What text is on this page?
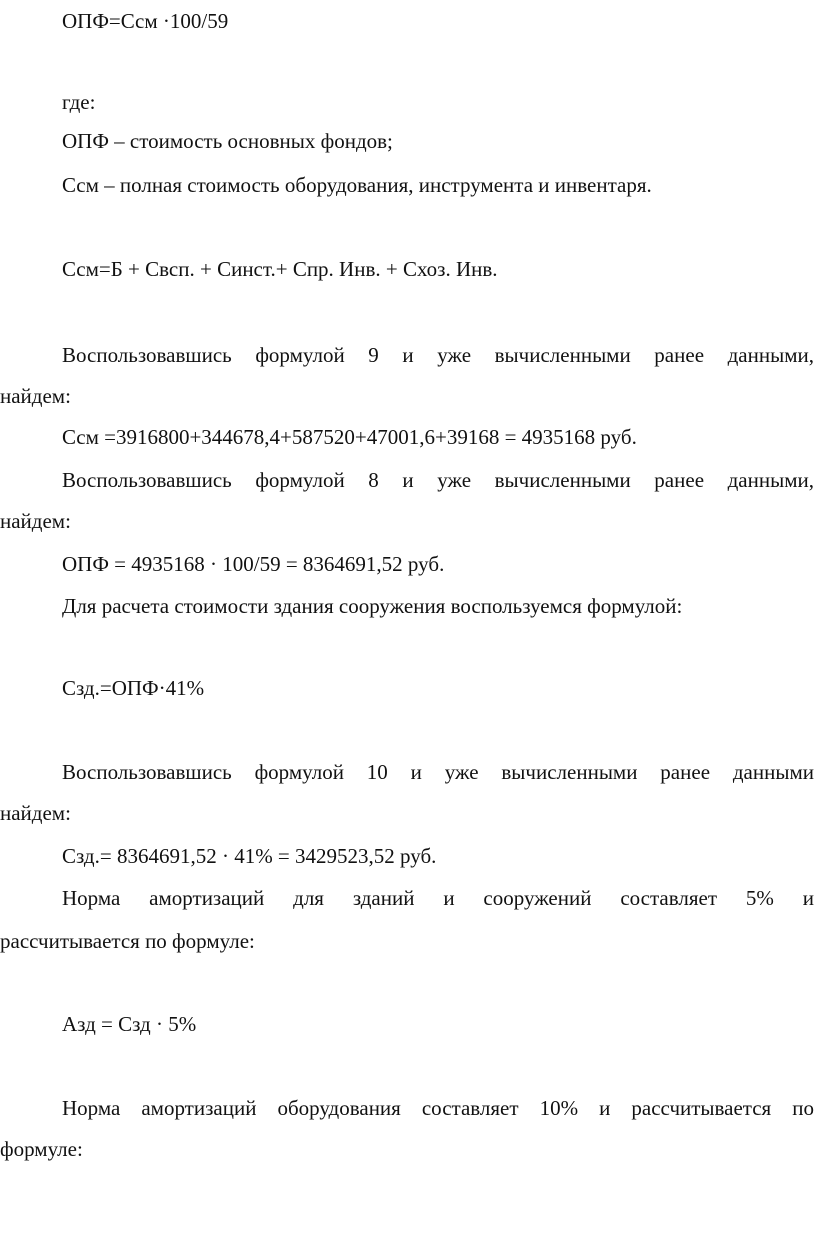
ОПФ=Ссм ·100/59
где:
ОПФ – стоимость основных фондов;
Ссм – полная стоимость оборудования, инструмента и инвентаря.
Ссм=Б + Свсп. + Синст.+ Спр. Инв. + Схоз. Инв.
Воспользовавшись формулой 9 и уже вычисленными ранее данными,
найдем:
Ссм =3916800+344678,4+587520+47001,6+39168 = 4935168 руб.
Воспользовавшись формулой 8 и уже вычисленными ранее данными,
найдем:
ОПФ = 4935168 · 100/59 = 8364691,52 руб.
Для расчета стоимости здания сооружения воспользуемся формулой:
Сзд.=ОПФ·41%
Воспользовавшись формулой 10 и уже вычисленными ранее данными
найдем:
Сзд.= 8364691,52 · 41% = 3429523,52 руб.
Норма амортизаций для зданий и сооружений составляет 5% и
рассчитывается по формуле:
Азд = Сзд · 5%
Норма амортизаций оборудования составляет 10% и рассчитывается по
формуле:
